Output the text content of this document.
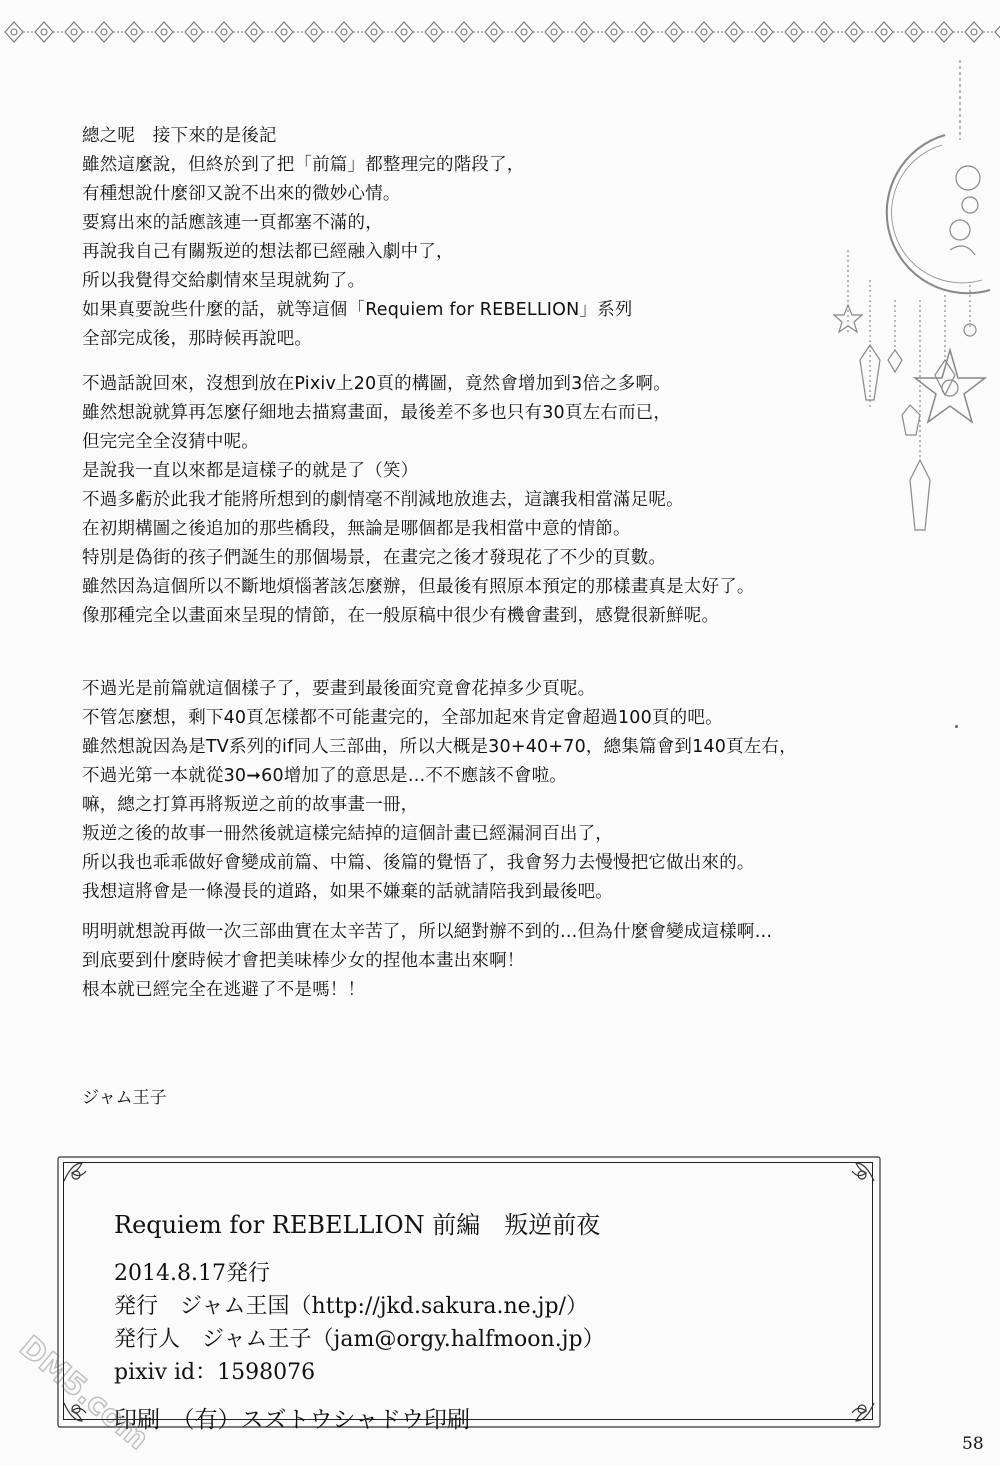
總之呢　接下來的是後記
雖然這麼說，但終於到了把「前篇」都整理完的階段了，
有種想說什麼卻又說不出來的微妙心情。
要寫出來的話應該連一頁都塞不滿的，
再說我自己有關叛逆的想法都已經融入劇中了，
所以我覺得交給劇情來呈現就夠了。
如果真要說些什麼的話，就等這個「Requiem for REBELLION」系列
全部完成後，那時候再說吧。
不過話說回來，沒想到放在Pixiv上20頁的構圖，竟然會增加到3倍之多啊。
雖然想說就算再怎麼仔細地去描寫畫面，最後差不多也只有30頁左右而已，
但完完全全沒猜中呢。
是說我一直以來都是這樣子的就是了（笑）
不過多虧於此我才能將所想到的劇情毫不削減地放進去，這讓我相當滿足呢。
在初期構圖之後追加的那些橋段，無論是哪個都是我相當中意的情節。
特別是偽街的孩子們誕生的那個場景，在畫完之後才發現花了不少的頁數。
雖然因為這個所以不斷地煩惱著該怎麼辦，但最後有照原本預定的那樣畫真是太好了。
像那種完全以畫面來呈現的情節，在一般原稿中很少有機會畫到，感覺很新鮮呢。
不過光是前篇就這個樣子了，要畫到最後面究竟會花掉多少頁呢。
不管怎麼想，剩下40頁怎樣都不可能畫完的，全部加起來肯定會超過100頁的吧。
雖然想說因為是TV系列的if同人三部曲，所以大概是30+40+70，總集篇會到140頁左右，
不過光第一本就從30➞60增加了的意思是…不不應該不會啦。
嘛，總之打算再將叛逆之前的故事畫一冊，
叛逆之後的故事一冊然後就這樣完結掉的這個計畫已經漏洞百出了，
所以我也乖乖做好會變成前篇、中篇、後篇的覺悟了，我會努力去慢慢把它做出來的。
我想這將會是一條漫長的道路，如果不嫌棄的話就請陪我到最後吧。
明明就想說再做一次三部曲實在太辛苦了，所以絕對辦不到的…但為什麼會變成這樣啊…
到底要到什麼時候才會把美味棒少女的捏他本畫出來啊！
根本就已經完全在逃避了不是嗎！！
ジャム王子
Requiem for REBELLION 前編　叛逆前夜
2014.8.17発行
発行　ジャム王国（http://jkd.sakura.ne.jp/）
発行人　ジャム王子（jam@orgy.halfmoon.jp）
pixiv id：1598076
印刷　（有）スズトウシャドウ印刷
DM5.com	58
